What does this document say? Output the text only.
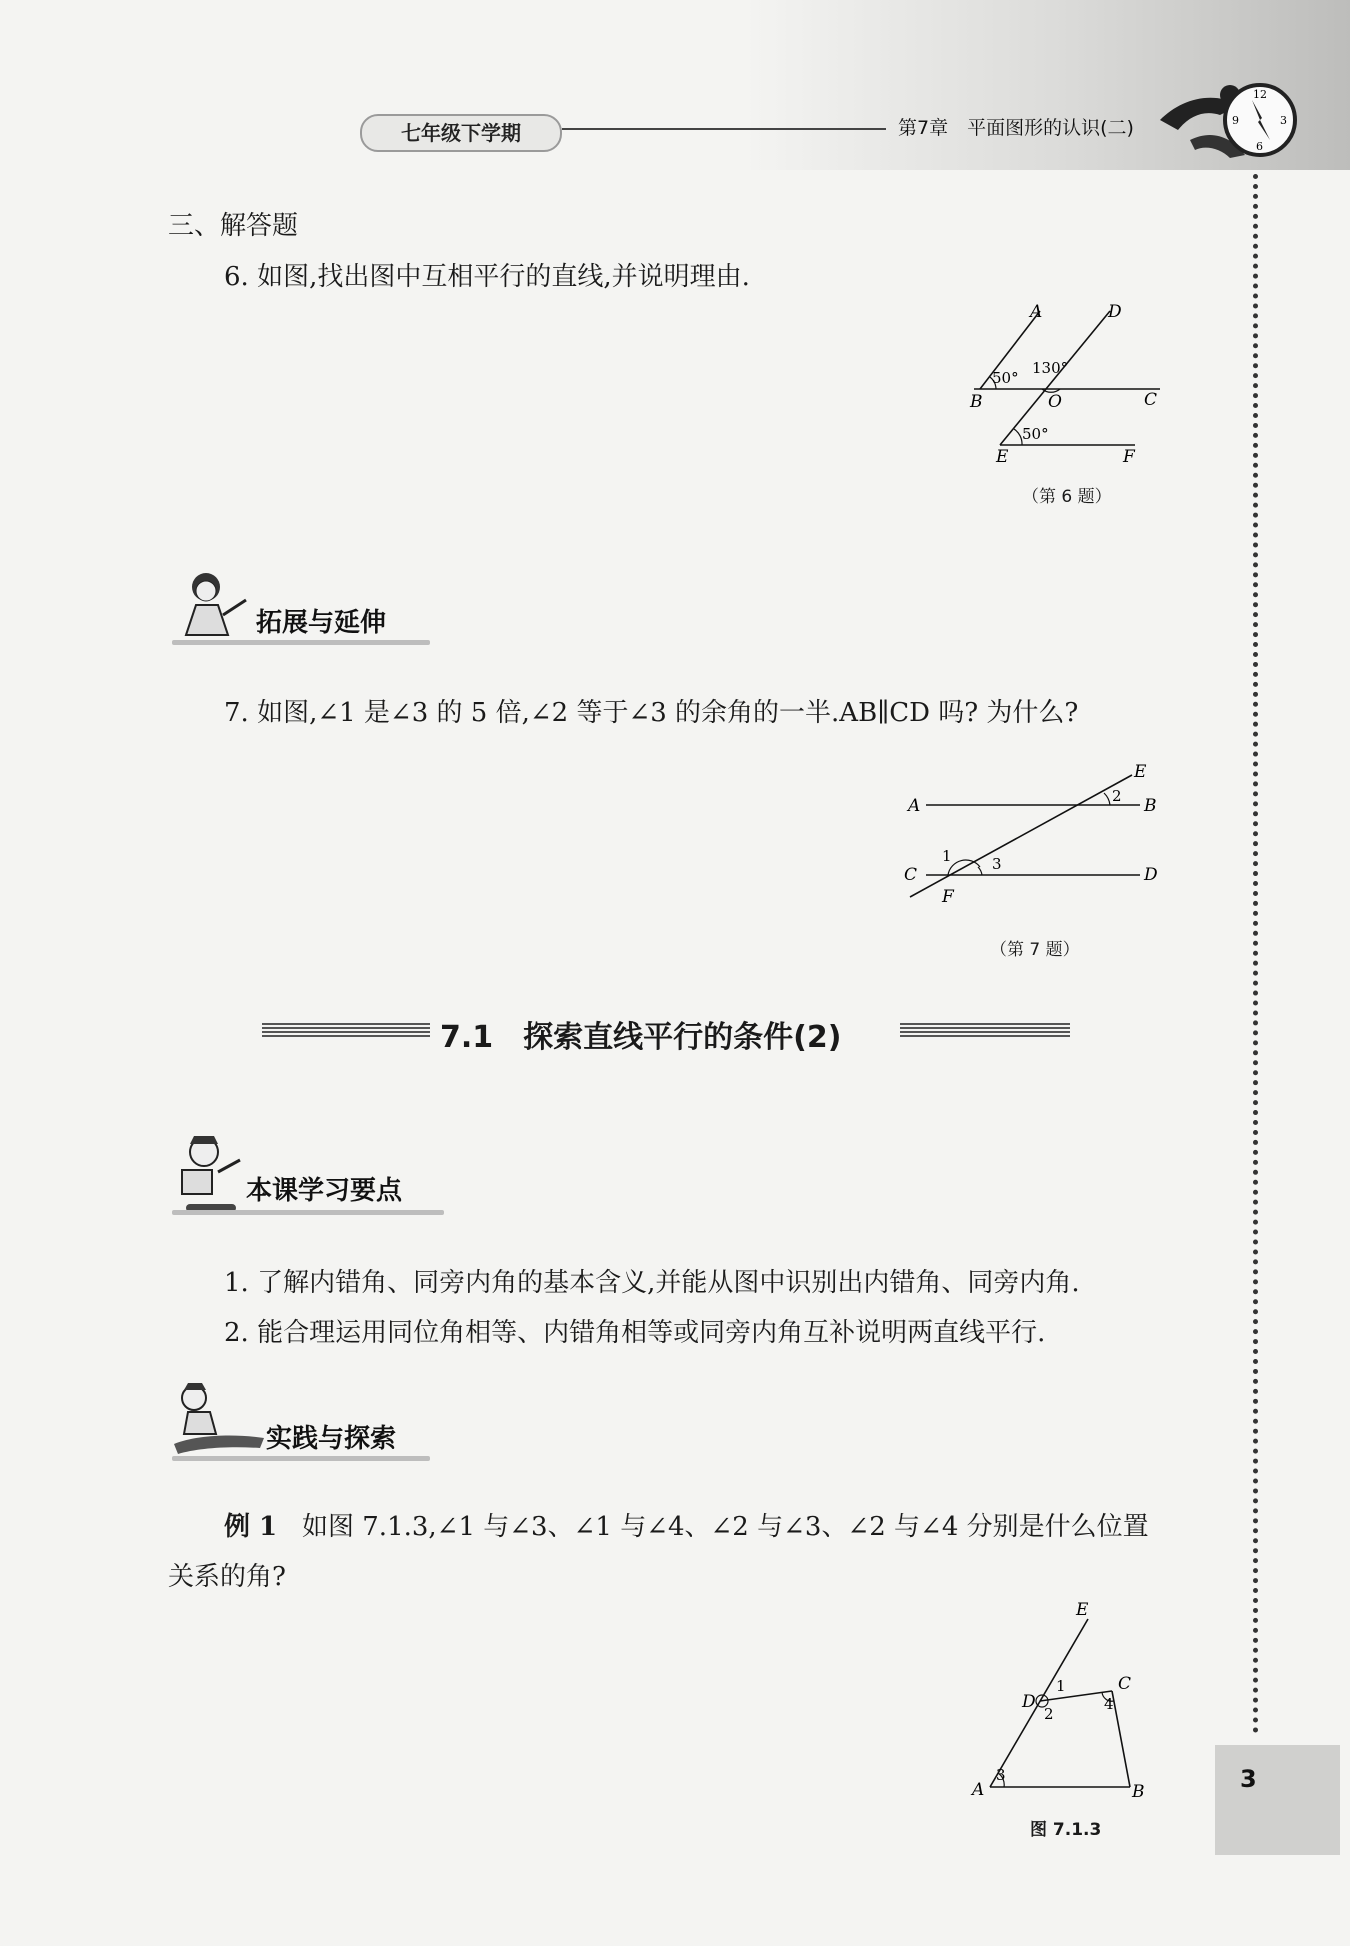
七年级下学期	第7章　平面图形的认识(二)
12
3
6
9
三、解答题
6. 如图,找出图中互相平行的直线,并说明理由.
A	D
B	O	C
E	F
50°
130°
50°
（第 6 题）
拓展与延伸
7. 如图,∠1 是∠3 的 5 倍,∠2 等于∠3 的余角的一半.AB∥CD 吗? 为什么?
E
A	B
C	D
F
2
1	3
（第 7 题）
7.1　探索直线平行的条件(2)
本课学习要点
1. 了解内错角、同旁内角的基本含义,并能从图中识别出内错角、同旁内角.
2. 能合理运用同位角相等、内错角相等或同旁内角互补说明两直线平行.
实践与探索
例 1 如图 7.1.3,∠1 与∠3、∠1 与∠4、∠2 与∠3、∠2 与∠4 分别是什么位置
关系的角?
E
C
D
A	B
1
2
3
4
图 7.1.3
3
